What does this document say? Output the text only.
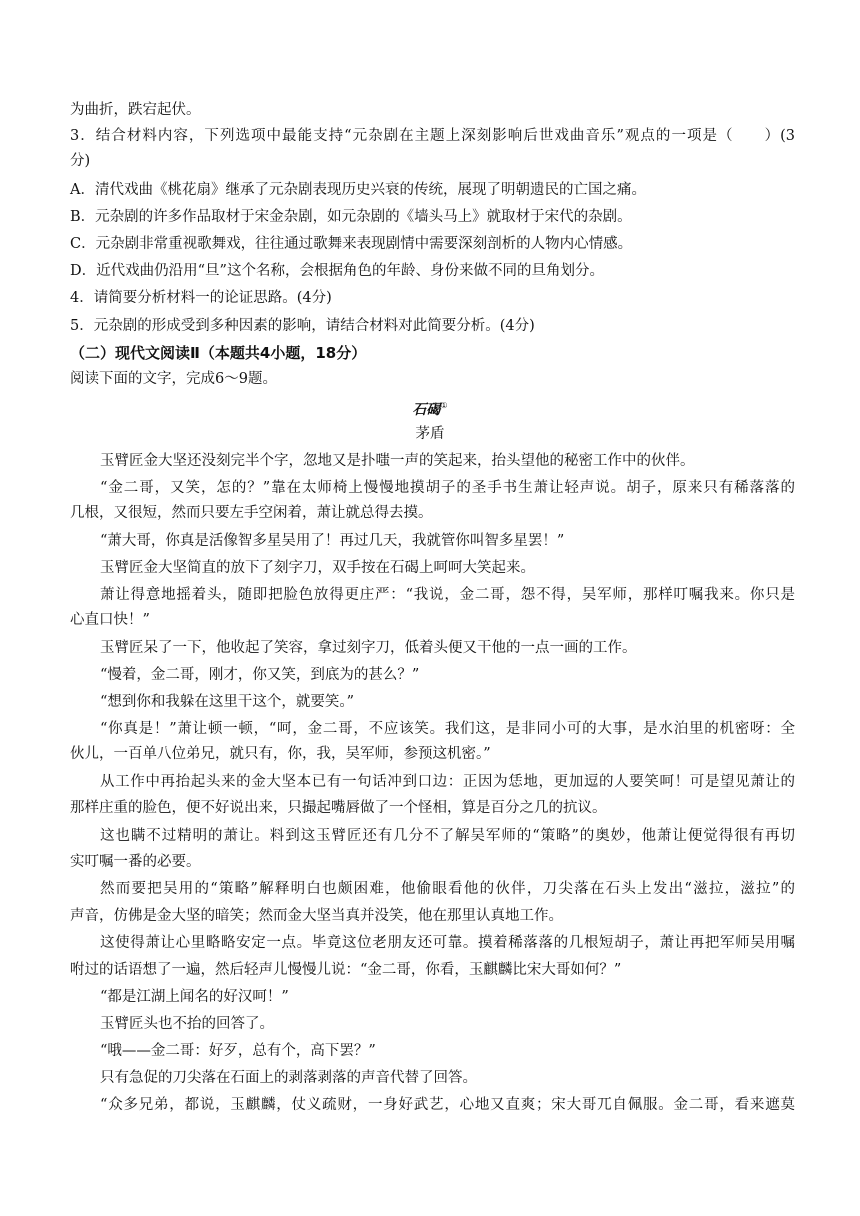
为曲折，跌宕起伏。
3．结合材料内容，下列选项中最能支持“元杂剧在主题上深刻影响后世戏曲音乐”观点的一项是（　　）(3
分)
A．清代戏曲《桃花扇》继承了元杂剧表现历史兴衰的传统，展现了明朝遗民的亡国之痛。
B．元杂剧的许多作品取材于宋金杂剧，如元杂剧的《墙头马上》就取材于宋代的杂剧。
C．元杂剧非常重视歌舞戏，往往通过歌舞来表现剧情中需要深刻剖析的人物内心情感。
D．近代戏曲仍沿用“旦”这个名称，会根据角色的年龄、身份来做不同的旦角划分。
4．请简要分析材料一的论证思路。(4分)
5．元杂剧的形成受到多种因素的影响，请结合材料对此简要分析。(4分)
（二）现代文阅读Ⅱ（本题共4小题，18分）
阅读下面的文字，完成6～9题。
石碣①
茅盾
玉臂匠金大坚还没刻完半个字，忽地又是扑嗤一声的笑起来，抬头望他的秘密工作中的伙伴。
“金二哥，又笑，怎的？”靠在太师椅上慢慢地摸胡子的圣手书生萧让轻声说。胡子，原来只有稀落落的
几根，又很短，然而只要左手空闲着，萧让就总得去摸。
“萧大哥，你真是活像智多星吴用了！再过几天，我就管你叫智多星罢！”
玉臂匠金大坚简直的放下了刻字刀，双手按在石碣上呵呵大笑起来。
萧让得意地摇着头，随即把脸色放得更庄严：“我说，金二哥，怨不得，吴军师，那样叮嘱我来。你只是
心直口快！”
玉臂匠呆了一下，他收起了笑容，拿过刻字刀，低着头便又干他的一点一画的工作。
“慢着，金二哥，刚才，你又笑，到底为的甚么？”
“想到你和我躲在这里干这个，就要笑。”
“你真是！”萧让顿一顿，“呵，金二哥，不应该笑。我们这，是非同小可的大事，是水泊里的机密呀：全
伙儿，一百单八位弟兄，就只有，你，我，吴军师，参预这机密。”
从工作中再抬起头来的金大坚本已有一句话冲到口边：正因为恁地，更加逗的人要笑呵！可是望见萧让的
那样庄重的脸色，便不好说出来，只撮起嘴唇做了一个怪相，算是百分之几的抗议。
这也瞒不过精明的萧让。料到这玉臂匠还有几分不了解吴军师的“策略”的奥妙，他萧让便觉得很有再切
实叮嘱一番的必要。
然而要把吴用的“策略”解释明白也颇困难，他偷眼看他的伙伴，刀尖落在石头上发出“滋拉，滋拉”的
声音，仿佛是金大坚的暗笑；然而金大坚当真并没笑，他在那里认真地工作。
这使得萧让心里略略安定一点。毕竟这位老朋友还可靠。摸着稀落落的几根短胡子，萧让再把军师吴用嘱
咐过的话语想了一遍，然后轻声儿慢慢儿说：“金二哥，你看，玉麒麟比宋大哥如何？”
“都是江湖上闻名的好汉呵！”
玉臂匠头也不抬的回答了。
“哦——金二哥：好歹，总有个，高下罢？”
只有急促的刀尖落在石面上的剥落剥落的声音代替了回答。
“众多兄弟，都说，玉麒麟，仗义疏财，一身好武艺，心地又直爽；宋大哥兀自佩服。金二哥，看来遮莫
